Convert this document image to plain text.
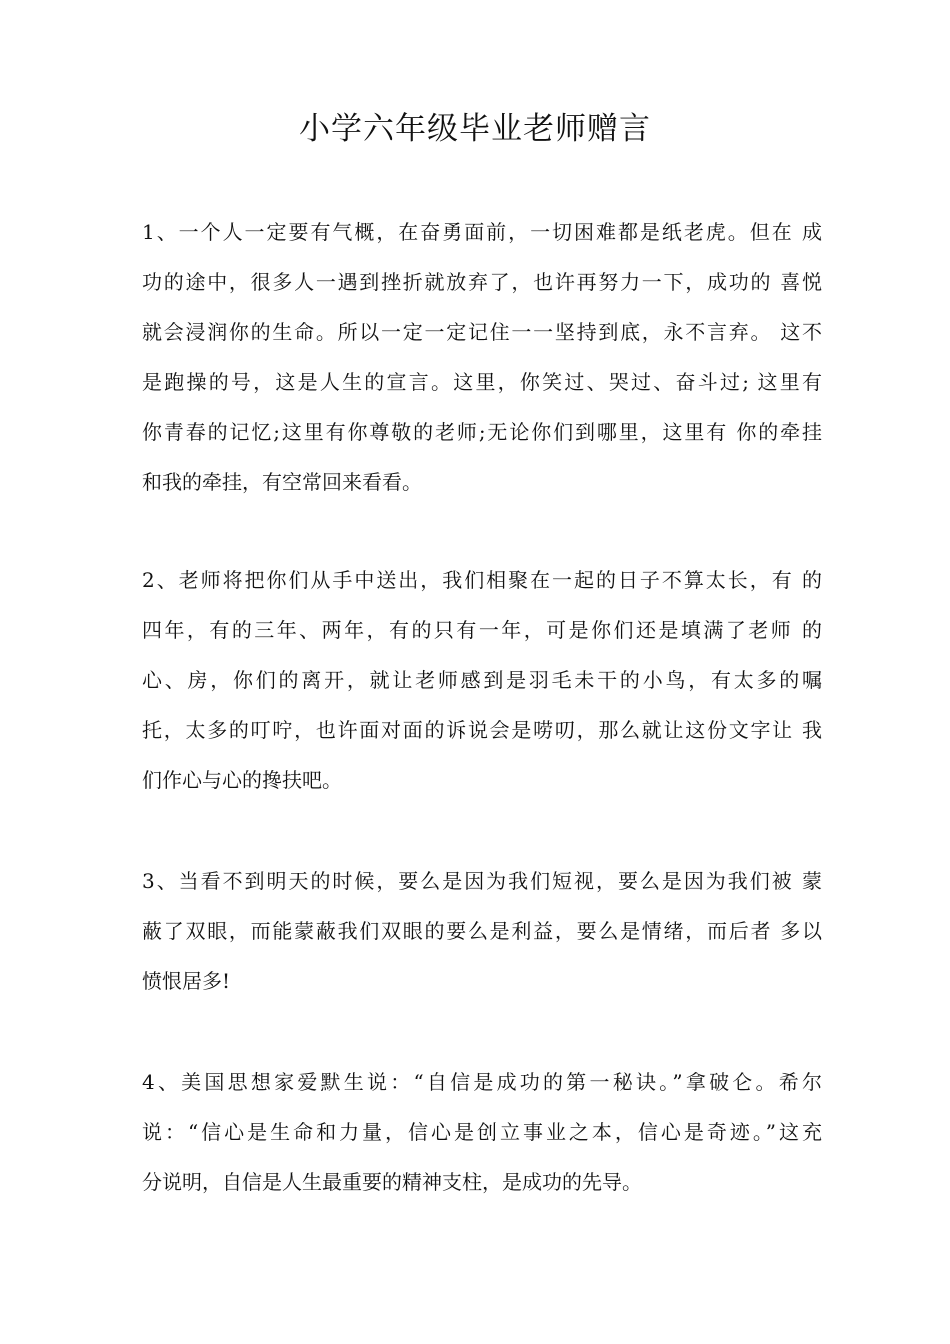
小学六年级毕业老师赠言
1、一个人一定要有气概，在奋勇面前，一切困难都是纸老虎。但在 成
功的途中，很多人一遇到挫折就放弃了，也许再努力一下，成功的 喜悦
就会浸润你的生命。所以一定一定记住一一坚持到底，永不言弃。 这不
是跑操的号，这是人生的宣言。这里，你笑过、哭过、奋斗过; 这里有
你青春的记忆;这里有你尊敬的老师;无论你们到哪里，这里有 你的牵挂
和我的牵挂，有空常回来看看。
2、老师将把你们从手中送出，我们相聚在一起的日子不算太长，有 的
四年，有的三年、两年，有的只有一年，可是你们还是填满了老师 的
心、房，你们的离开，就让老师感到是羽毛未干的小鸟，有太多的嘱
托，太多的叮咛，也许面对面的诉说会是唠叨，那么就让这份文字让 我
们作心与心的搀扶吧。
3、当看不到明天的时候，要么是因为我们短视，要么是因为我们被 蒙
蔽了双眼，而能蒙蔽我们双眼的要么是利益，要么是情绪，而后者 多以
愤恨居多!
4、美国思想家爱默生说：“自信是成功的第一秘诀。”拿破仑。希尔
说：“信心是生命和力量，信心是创立事业之本，信心是奇迹。”这充
分说明，自信是人生最重要的精神支柱，是成功的先导。
